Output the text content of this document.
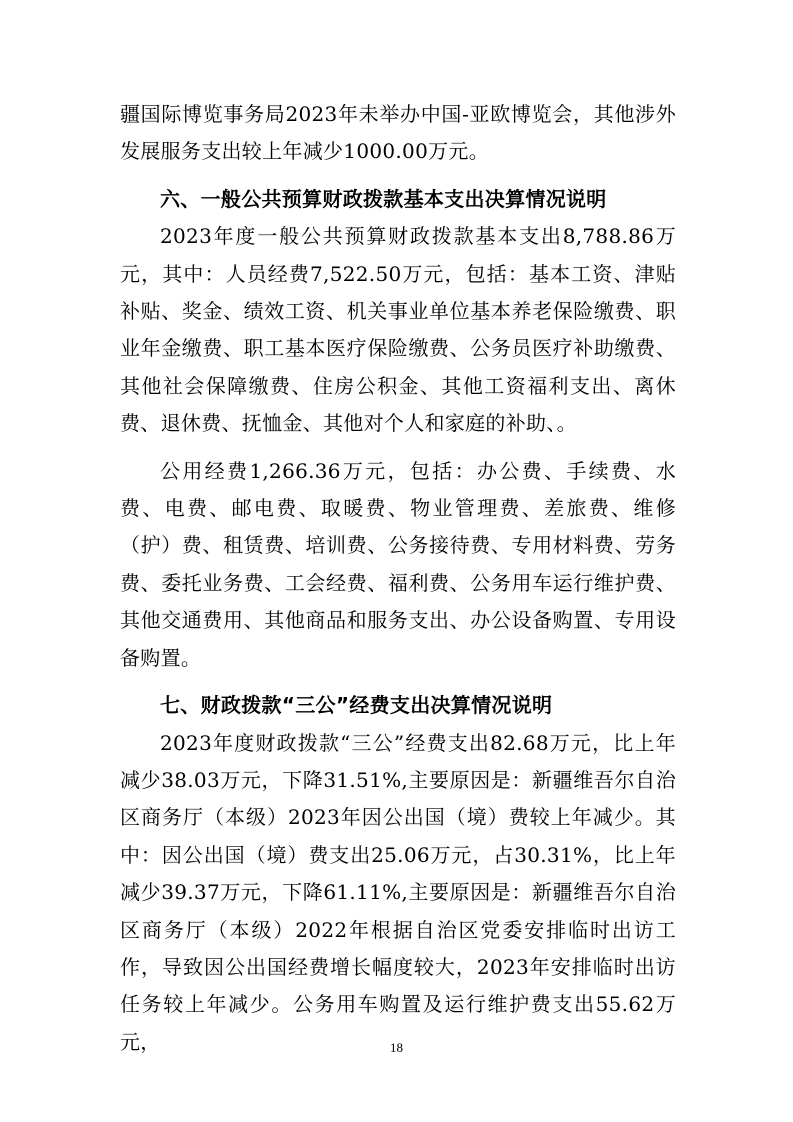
疆国际博览事务局2023年未举办中国-亚欧博览会，其他涉外发展服务支出较上年减少1000.00万元。

六、一般公共预算财政拨款基本支出决算情况说明

2023年度一般公共预算财政拨款基本支出8,788.86万元，其中：人员经费7,522.50万元，包括：基本工资、津贴补贴、奖金、绩效工资、机关事业单位基本养老保险缴费、职业年金缴费、职工基本医疗保险缴费、公务员医疗补助缴费、其他社会保障缴费、住房公积金、其他工资福利支出、离休费、退休费、抚恤金、其他对个人和家庭的补助、。

公用经费1,266.36万元，包括：办公费、手续费、水费、电费、邮电费、取暖费、物业管理费、差旅费、维修（护）费、租赁费、培训费、公务接待费、专用材料费、劳务费、委托业务费、工会经费、福利费、公务用车运行维护费、其他交通费用、其他商品和服务支出、办公设备购置、专用设备购置。

七、财政拨款“三公”经费支出决算情况说明

2023年度财政拨款“三公”经费支出82.68万元，比上年减少38.03万元，下降31.51%,主要原因是：新疆维吾尔自治区商务厅（本级）2023年因公出国（境）费较上年减少。其中：因公出国（境）费支出25.06万元，占30.31%，比上年减少39.37万元，下降61.11%,主要原因是：新疆维吾尔自治区商务厅（本级）2022年根据自治区党委安排临时出访工作，导致因公出国经费增长幅度较大，2023年安排临时出访任务较上年减少。公务用车购置及运行维护费支出55.62万元，	18
